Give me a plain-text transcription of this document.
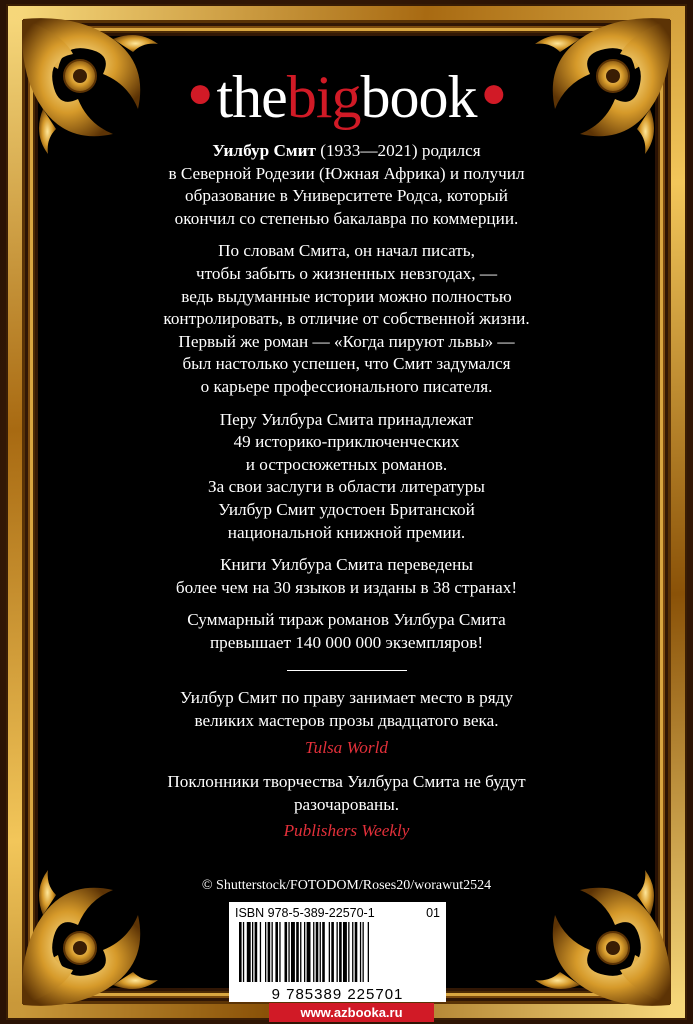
●thebigbook●

Уилбур Смит (1933—2021) родился
в Северной Родезии (Южная Африка) и получил
образование в Университете Родса, который
окончил со степенью бакалавра по коммерции.

По словам Смита, он начал писать,
чтобы забыть о жизненных невзгодах, —
ведь выдуманные истории можно полностью
контролировать, в отличие от собственной жизни.
Первый же роман — «Когда пируют львы» —
был настолько успешен, что Смит задумался
о карьере профессионального писателя.

Перу Уилбура Смита принадлежат
49 историко-приключенческих
и остросюжетных романов.
За свои заслуги в области литературы
Уилбур Смит удостоен Британской
национальной книжной премии.

Книги Уилбура Смита переведены
более чем на 30 языков и изданы в 38 странах!

Суммарный тираж романов Уилбура Смита
превышает 140 000 000 экземпляров!

Уилбур Смит по праву занимает место в ряду великих мастеров прозы двадцатого века.

Tulsa World

Поклонники творчества Уилбура Смита не будут разочарованы.

Publishers Weekly

© Shutterstock/FOTODOM/Roses20/worawut2524
ISBN 978-5-389-22570-1	01
9 785389 225701
www.azbooka.ru
